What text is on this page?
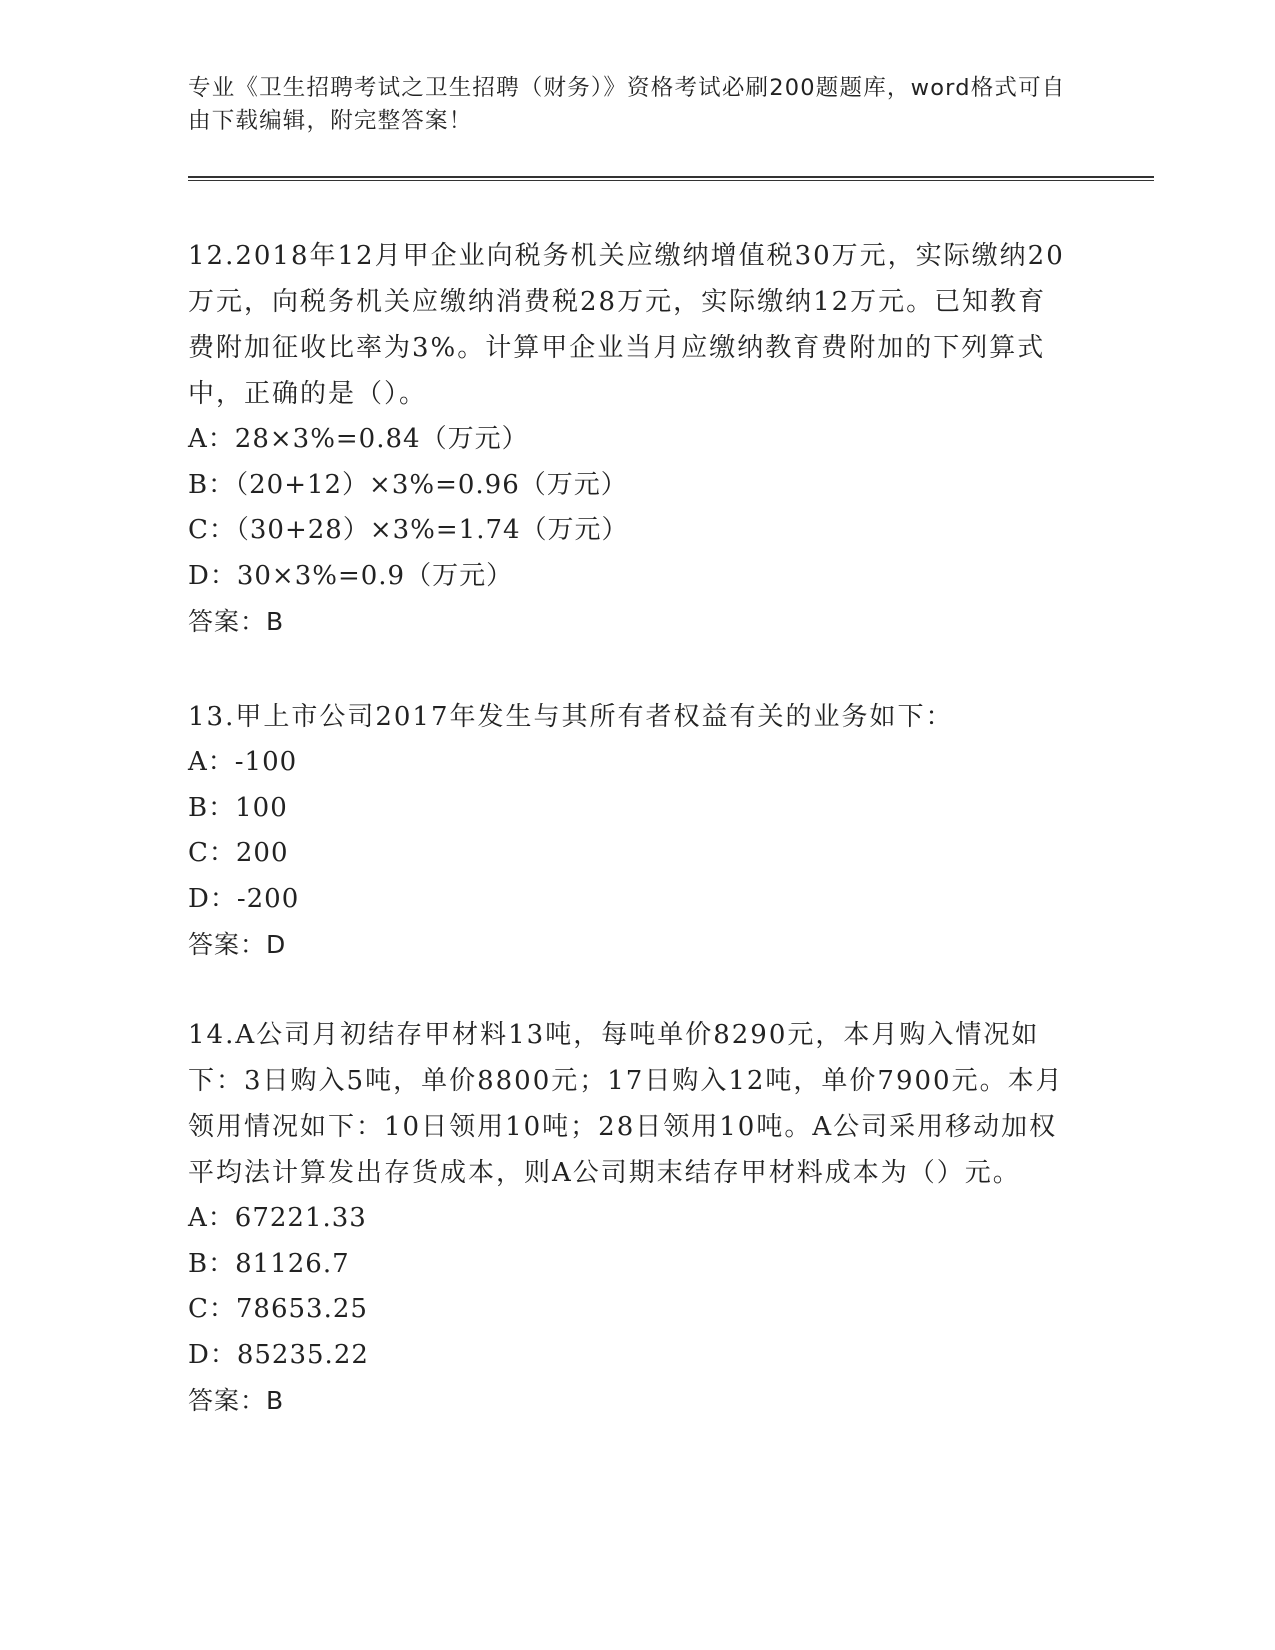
专业《卫生招聘考试之卫生招聘（财务）》资格考试必刷200题题库，word格式可自由下载编辑，附完整答案！

12.2018年12月甲企业向税务机关应缴纳增值税30万元，实际缴纳20万元，向税务机关应缴纳消费税28万元，实际缴纳12万元。已知教育费附加征收比率为3%。计算甲企业当月应缴纳教育费附加的下列算式中，正确的是（）。

A：28×3%=0.84（万元）

B：（20+12）×3%=0.96（万元）

C：（30+28）×3%=1.74（万元）

D：30×3%=0.9（万元）

答案：B

13.甲上市公司2017年发生与其所有者权益有关的业务如下：

A：-100

B：100

C：200

D：-200

答案：D

14.A公司月初结存甲材料13吨，每吨单价8290元，本月购入情况如下：3日购入5吨，单价8800元；17日购入12吨，单价7900元。本月领用情况如下：10日领用10吨；28日领用10吨。A公司采用移动加权平均法计算发出存货成本，则A公司期末结存甲材料成本为（）元。

A：67221.33

B：81126.7

C：78653.25

D：85235.22

答案：B
